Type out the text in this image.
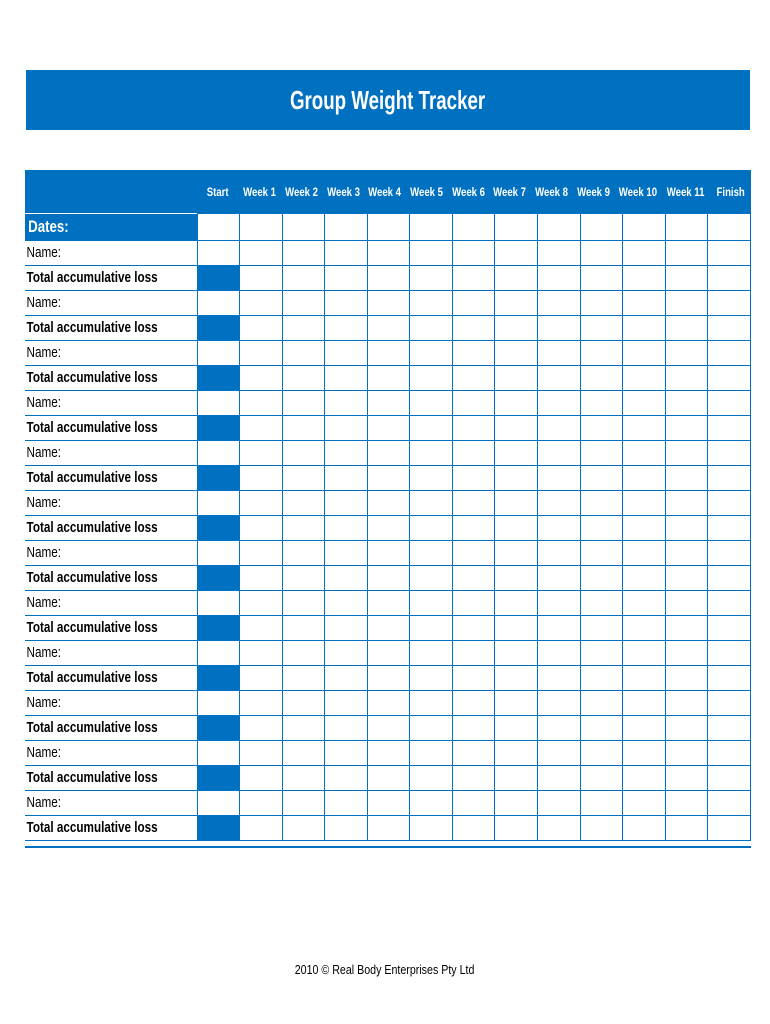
Group Weight Tracker
Start Week 1 Week 2 Week 3 Week 4 Week 5 Week 6 Week 7 Week 8 Week 9 Week 10 Week 11 Finish
Dates:													
Name:													
Total accumulative loss													
Name:													
Total accumulative loss													
Name:													
Total accumulative loss													
Name:													
Total accumulative loss													
Name:													
Total accumulative loss													
Name:													
Total accumulative loss													
Name:													
Total accumulative loss													
Name:													
Total accumulative loss													
Name:													
Total accumulative loss													
Name:													
Total accumulative loss													
Name:													
Total accumulative loss													
Name:													
Total accumulative loss													
2010 © Real Body Enterprises Pty Ltd
